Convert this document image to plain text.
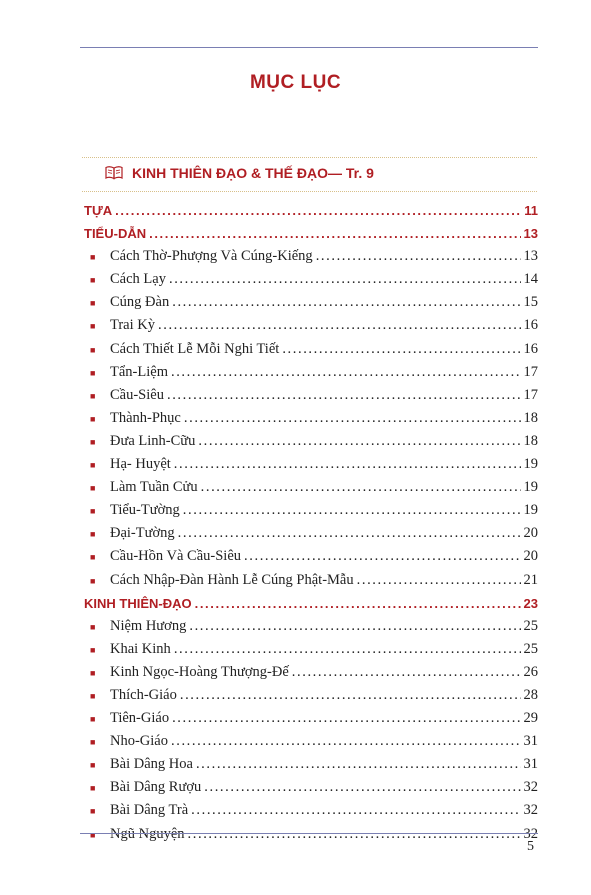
MỤC LỤC
KINH THIÊN ĐẠO & THẾ ĐẠO— Tr. 9
TỰA .....	11
TIỂU-DẪN .....	13
■	Cách Thờ-Phượng Và Cúng-Kiếng .....	13
■	Cách Lạy .....	14
■	Cúng Đàn .....	15
■	Trai Kỳ .....	16
■	Cách Thiết Lễ Mỗi Nghi Tiết .....	16
■	Tẩn-Liệm .....	17
■	Cầu-Siêu .....	17
■	Thành-Phục .....	18
■	Đưa Linh-Cữu .....	18
■	Hạ- Huyệt .....	19
■	Làm Tuần Cửu .....	19
■	Tiểu-Tường .....	19
■	Đại-Tường .....	20
■	Cầu-Hồn Và Cầu-Siêu .....	20
■	Cách Nhập-Đàn Hành Lễ Cúng Phật-Mẫu .....	21
KINH THIÊN-ĐẠO .....	23
■	Niệm Hương .....	25
■	Khai Kinh .....	25
■	Kinh Ngọc-Hoàng Thượng-Đế .....	26
■	Thích-Giáo .....	28
■	Tiên-Giáo .....	29
■	Nho-Giáo .....	31
■	Bài Dâng Hoa .....	31
■	Bài Dâng Rượu .....	32
■	Bài Dâng Trà .....	32
■	Ngũ Nguyện .....	32
5
